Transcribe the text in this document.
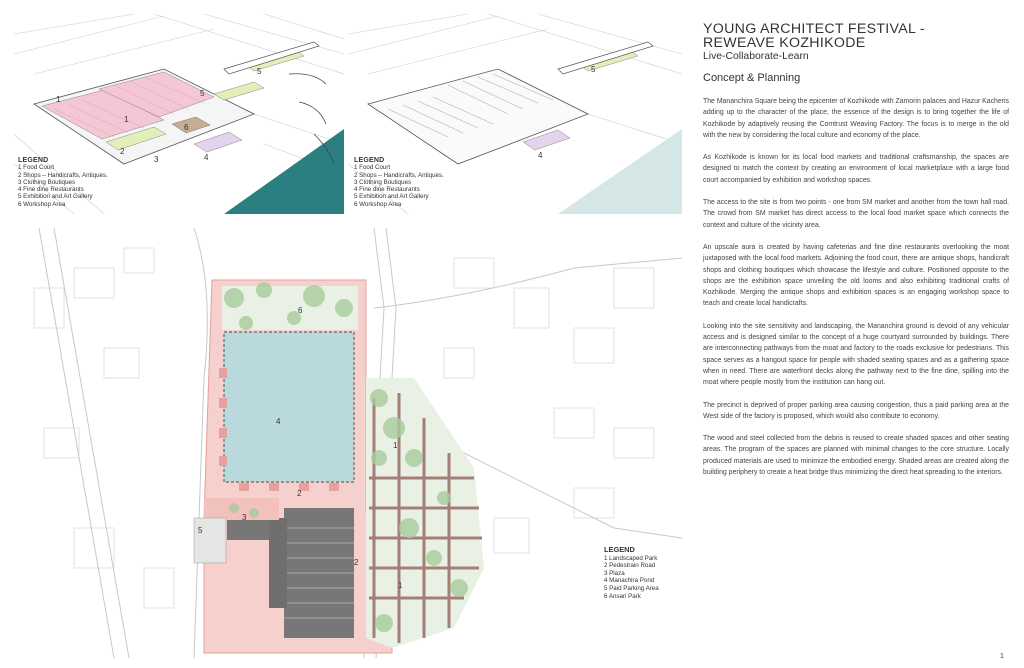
1
1
2
3	4
5
5
6
LEGEND
1 Food Court
2 Shops – Handicrafts, Antiques.
3 Clothing Boutiques
4 Fine dine Restaurants
5 Exhibition and Art Gallery
6 Workshop Area
5
4
LEGEND
1 Food Court
2 Shops – Handicrafts, Antiques.
3 Clothing Boutiques
4 Fine dine Restaurants
5 Exhibition and Art Gallery
6 Workshop Area
6
4
1
1
2
2
3
5
LEGEND
1 Landscaped Park
2 Pedestrain Road
3 Plaza
4 Manachira Pond
5 Paid Parking Area
6 Ansari Park
YOUNG ARCHITECT FESTIVAL -
REWEAVE KOZHIKODE
Live-Collaborate-Learn
Concept & Planning

The Mananchira Square being the epicenter of Kozhikode with Zamorin palaces and Hazur Kacheris adding up to the character of the place, the essence of the design is to bring together the life of Kozhikode by adaptively reusing the Comtrust Weaving Factory. The focus is to merge in the old with the new by considering the local culture and economy of the place.

As Kozhikode is known for its local food markets and traditional craftsmanship, the spaces are designed to match the context by creating an environment of local marketplace with a large food court accompanied by exhibition and workshop spaces.

The access to the site is from two points - one from SM market and another from the town hall road. The crowd from SM market has direct access to the local food market space which connects the context and culture of the vicinity area.

An upscale aura is created by having cafeterias and fine dine restaurants overlooking the moat juxtaposed with the local food markets. Adjoining the food court, there are antique shops, handicraft shops and clothing boutiques which showcase the lifestyle and culture. Positioned opposite to the shops are the exhibition space unveiling the old looms and also exhibiting traditional crafts of Kozhikode. Merging the antique shops and exhibition spaces is an engaging workshop space to teach and create local handicrafts.

Looking into the site sensitivity and landscaping, the Mananchira ground is devoid of any vehicular access and is designed similar to the concept of a huge courtyard surrounded by buildings. There are interconnecting pathways from the moat and factory to the roads exclusive for pedestrians. This space serves as a hangout space for people with shaded seating spaces and as a gathering space when in need. There are waterfront decks along the pathway next to the fine dine, spilling into the moat where people mostly from the institution can hang out.

The precinct is deprived of proper parking area causing congestion, thus a paid parking area at the West side of the factory is proposed, which would also contribute to economy.

The wood and steel collected from the debris is reused to create shaded spaces and other seating areas. The program of the spaces are planned with minimal changes to the core structure. Locally produced materials are used to minimize the embodied energy. Shaded areas are created along the building periphery to create a heat bridge thus minimizing the direct heat spreading to the interiors.

1
